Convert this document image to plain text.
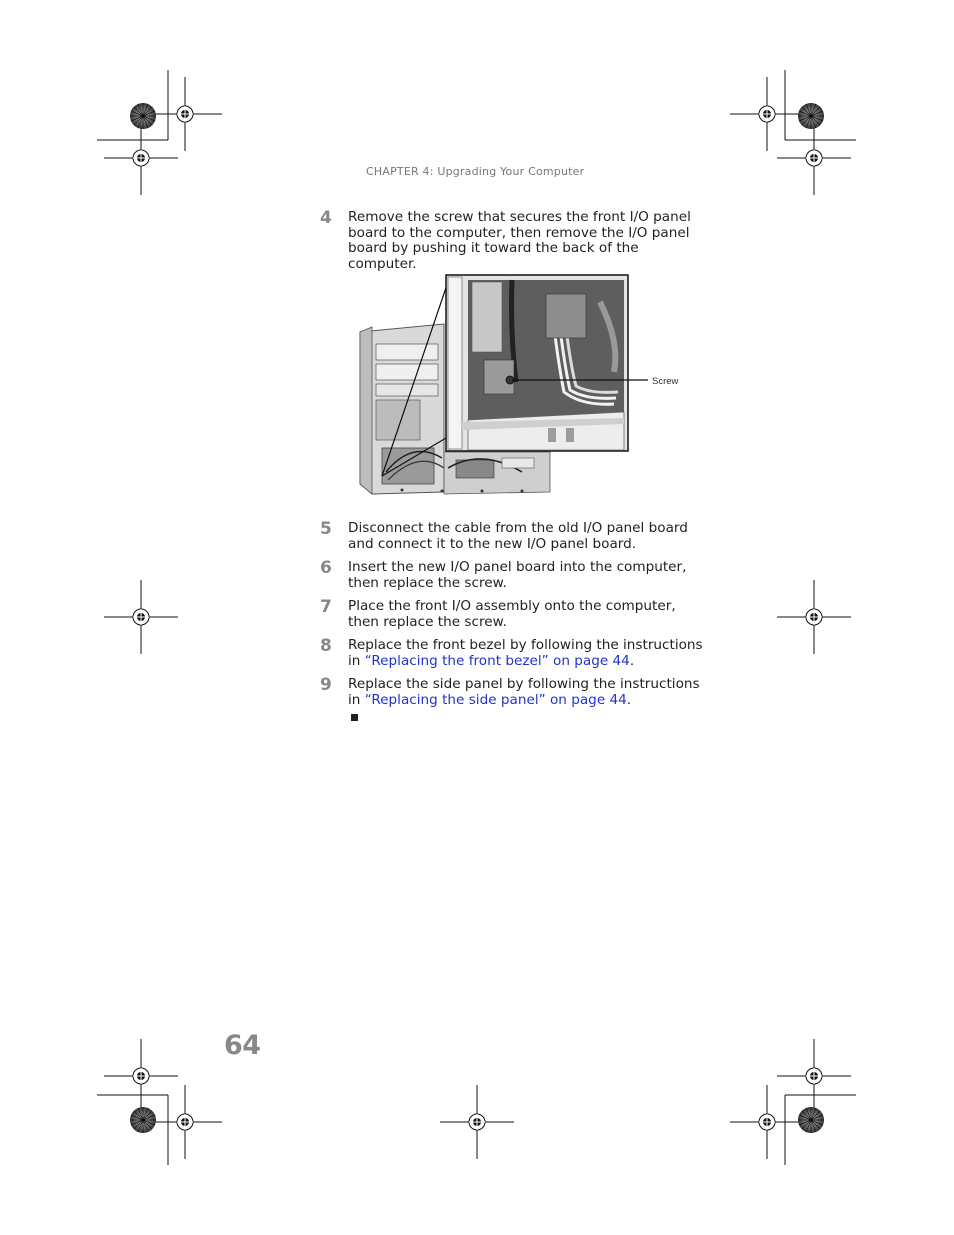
CHAPTER 4: Upgrading Your Computer
4 Remove the screw that secures the front I/O panel board to the computer, then remove the I/O panel board by pushing it toward the back of the computer.
Screw
5 Disconnect the cable from the old I/O panel board and connect it to the new I/O panel board.
6 Insert the new I/O panel board into the computer, then replace the screw.
7 Place the front I/O assembly onto the computer, then replace the screw.
8 Replace the front bezel by following the instructions in “Replacing the front bezel” on page 44.
9 Replace the side panel by following the instructions in “Replacing the side panel” on page 44.
64
